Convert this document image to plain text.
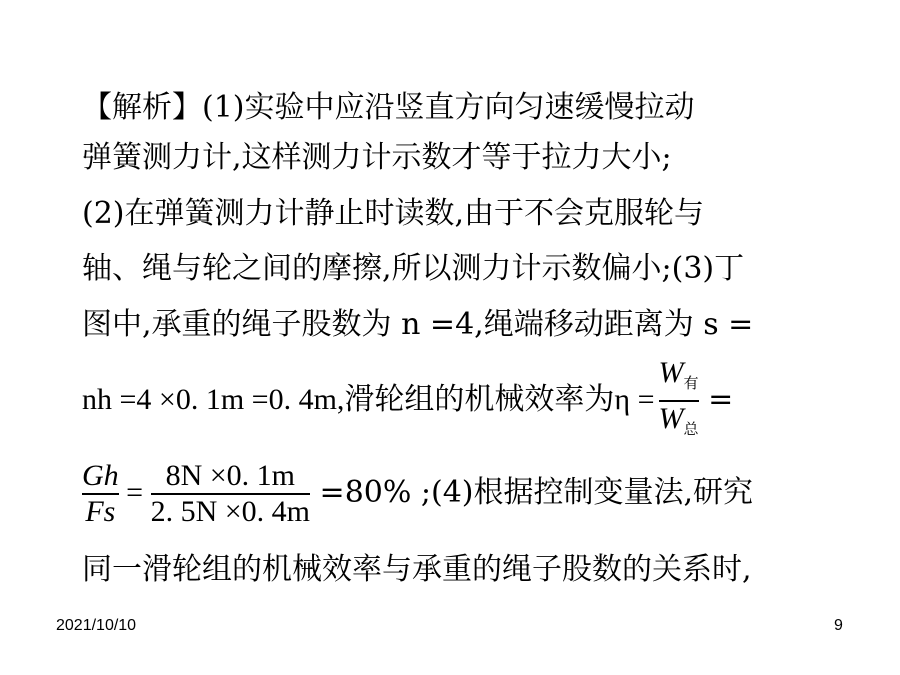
【解析】(1)实验中应沿竖直方向匀速缓慢拉动
弹簧测力计,这样测力计示数才等于拉力大小;
(2)在弹簧测力计静止时读数,由于不会克服轮与
轴、绳与轮之间的摩擦,所以测力计示数偏小;(3)丁
图中,承重的绳子股数为 n =4,绳端移动距离为 s =
nh =4 ×0. 1m =0. 4m,滑轮组的机械效率为$\eta = \frac{W_有}{W_总}$ =
$\frac{Gh}{Fs} = \frac{8N \times 0. 1m}{2. 5N \times 0. 4m} =80\%$ ;(4)根据控制变量法,研究
同一滑轮组的机械效率与承重的绳子股数的关系时,
2021/10/10	9
